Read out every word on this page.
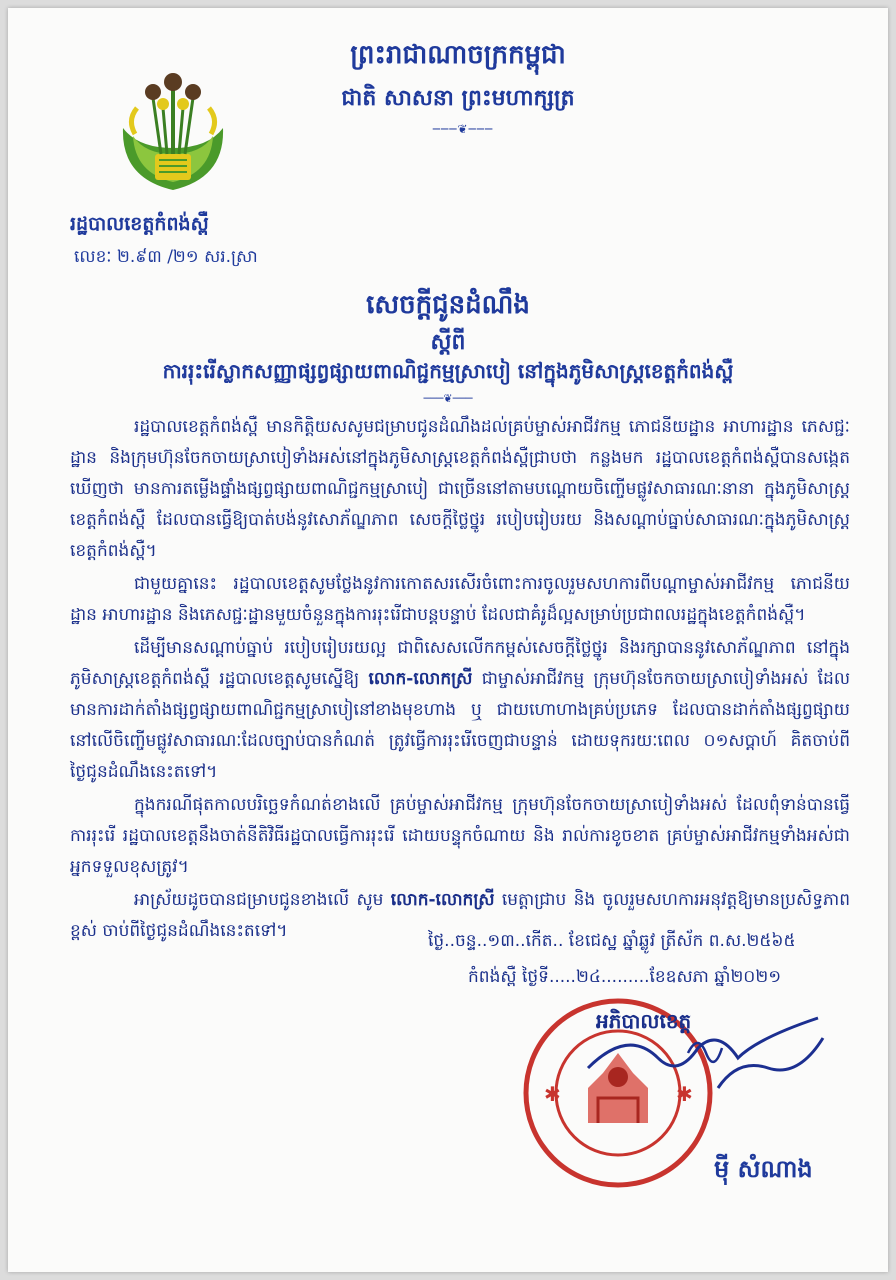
ព្រះរាជាណាចក្រកម្ពុជា
ជាតិ សាសនា ព្រះមហាក្សត្រ
───❦───
រដ្ឋបាលខេត្តកំពង់ស្ពឺ
លេខៈ ២.៩៣ /២១ សរ.ស្រា
សេចក្ដីជូនដំណឹង
ស្ដីពី
ការរុះរើស្លាកសញ្ញាផ្សព្វផ្សាយពាណិជ្ជកម្មស្រាបៀ នៅក្នុងភូមិសាស្ត្រខេត្តកំពង់ស្ពឺ
───❦───

រដ្ឋបាលខេត្តកំពង់ស្ពឺ មានកិត្តិយសសូមជម្រាបជូនដំណឹងដល់គ្រប់ម្ចាស់អាជីវកម្ម ភោជនីយដ្ឋាន អាហារដ្ឋាន ភេសជ្ជៈដ្ឋាន និងក្រុមហ៊ុនចែកចាយស្រាបៀទាំងអស់នៅក្នុងភូមិសាស្ត្រខេត្តកំពង់ស្ពឺជ្រាបថា កន្លងមក រដ្ឋបាលខេត្តកំពង់ស្ពឺបានសង្កេតឃើញថា មានការតម្លើងផ្ទាំងផ្សព្វផ្សាយពាណិជ្ជកម្មស្រាបៀ ជាច្រើននៅតាមបណ្តោយចិញ្ចើមផ្លូវសាធារណៈនានា ក្នុងភូមិសាស្ត្រខេត្តកំពង់ស្ពឺ ដែលបានធ្វើឱ្យបាត់បង់នូវសោភ័ណ្ឌភាព សេចក្ដីថ្លៃថ្នូរ របៀបរៀបរយ និងសណ្តាប់ធ្នាប់សាធារណៈក្នុងភូមិសាស្ត្រខេត្តកំពង់ស្ពឺ។

ជាមួយគ្នានេះ រដ្ឋបាលខេត្តសូមថ្លែងនូវការកោតសរសើរចំពោះការចូលរួមសហការពីបណ្តាម្ចាស់អាជីវកម្ម ភោជនីយដ្ឋាន អាហារដ្ឋាន និងភេសជ្ជៈដ្ឋានមួយចំនួនក្នុងការរុះរើជាបន្តបន្ទាប់ ដែលជាគំរូដ៏ល្អសម្រាប់ប្រជាពលរដ្ឋក្នុងខេត្តកំពង់ស្ពឺ។

ដើម្បីមានសណ្តាប់ធ្នាប់ របៀបរៀបរយល្អ ជាពិសេសលើកកម្ពស់សេចក្ដីថ្លៃថ្នូរ និងរក្សាបាននូវសោភ័ណ្ឌភាព នៅក្នុងភូមិសាស្ត្រខេត្តកំពង់ស្ពឺ រដ្ឋបាលខេត្តសូមស្នើឱ្យ លោក-លោកស្រី ជាម្ចាស់អាជីវកម្ម ក្រុមហ៊ុនចែកចាយស្រាបៀទាំងអស់ ដែលមានការដាក់តាំងផ្សព្វផ្សាយពាណិជ្ជកម្មស្រាបៀនៅខាងមុខហាង ឬ ជាយហោហាងគ្រប់ប្រភេទ ដែលបានដាក់តាំងផ្សព្វផ្សាយនៅលើចិញ្ចើមផ្លូវសាធារណៈដែលច្បាប់បានកំណត់ ត្រូវធ្វើការរុះរើចេញជាបន្ទាន់ ដោយទុករយៈពេល ០១សប្តាហ៍ គិតចាប់ពីថ្ងៃជូនដំណឹងនេះតទៅ។

ក្នុងករណីផុតកាលបរិច្ឆេទកំណត់ខាងលើ គ្រប់ម្ចាស់អាជីវកម្ម ក្រុមហ៊ុនចែកចាយស្រាបៀទាំងអស់ ដែលពុំទាន់បានធ្វើការរុះរើ រដ្ឋបាលខេត្តនឹងចាត់នីតិវិធីរដ្ឋបាលធ្វើការរុះរើ ដោយបន្ទុកចំណាយ និង រាល់ការខូចខាត គ្រប់ម្ចាស់អាជីវកម្មទាំងអស់ជាអ្នកទទួលខុសត្រូវ។

អាស្រ័យដូចបានជម្រាបជូនខាងលើ សូម លោក-លោកស្រី មេត្តាជ្រាប និង ចូលរួមសហការអនុវត្តឱ្យមានប្រសិទ្ធភាពខ្ពស់ ចាប់ពីថ្ងៃជូនដំណឹងនេះតទៅ។	ថ្ងៃ..ចន្ទ..១៣..កើត.. ខែជេស្ឋ ឆ្នាំឆ្លូវ ត្រីស័ក ព.ស.២៥៦៥
កំពង់ស្ពឺ ថ្ងៃទី.....២៤.........ខែឧសភា ឆ្នាំ២០២១
✱	✱
អភិបាលខេត្ត
ម៉ី សំណាង
